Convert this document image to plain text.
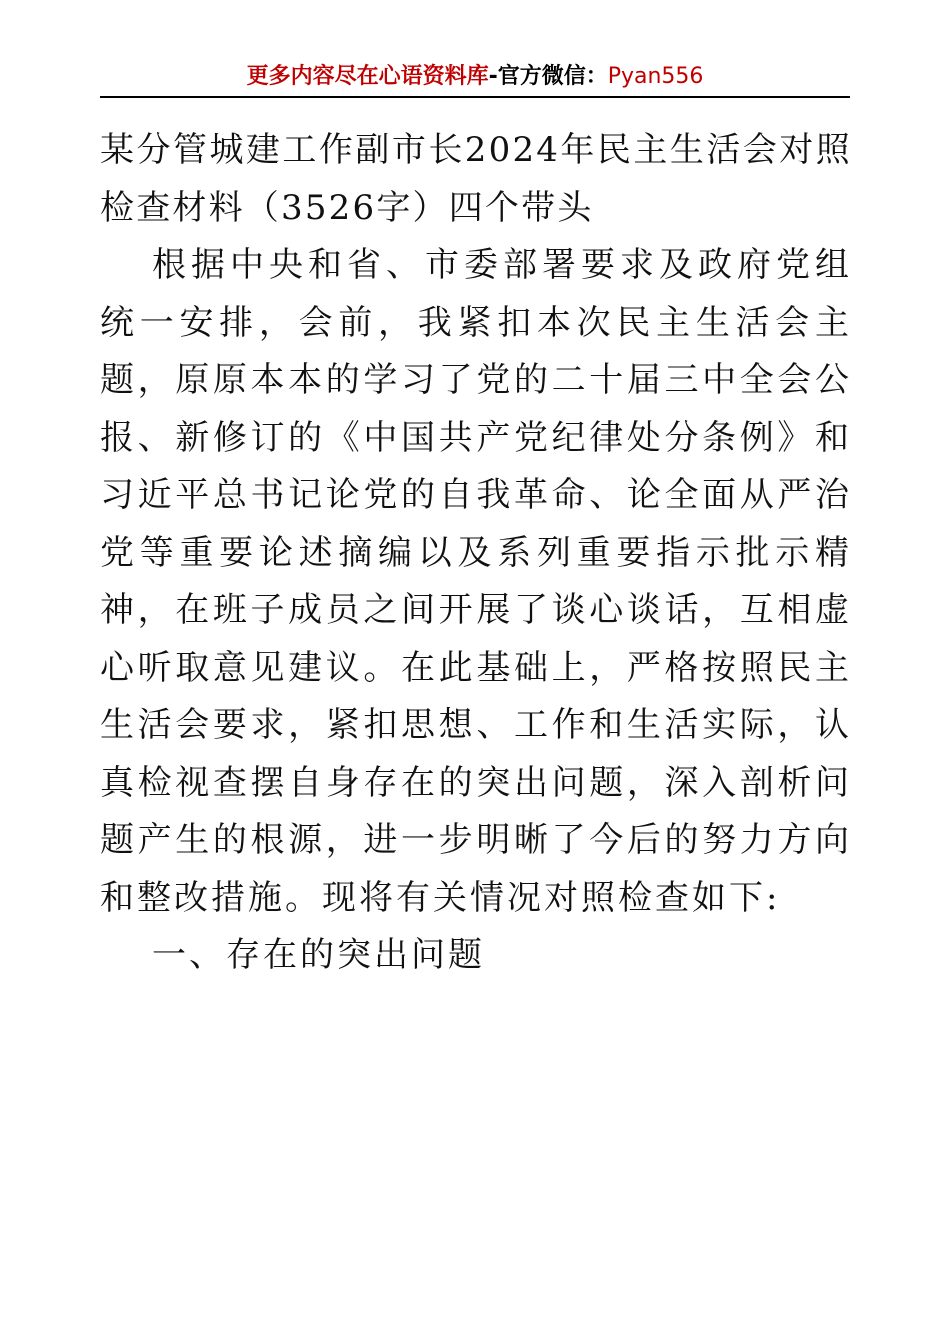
更多内容尽在心语资料库-官方微信：Pyan556

某分管城建工作副市长2024年民主生活会对照检查材料（3526字）四个带头

根据中央和省、市委部署要求及政府党组统一安排，会前，我紧扣本次民主生活会主题，原原本本的学习了党的二十届三中全会公报、新修订的《中国共产党纪律处分条例》和习近平总书记论党的自我革命、论全面从严治党等重要论述摘编以及系列重要指示批示精神，在班子成员之间开展了谈心谈话，互相虚心听取意见建议。在此基础上，严格按照民主生活会要求，紧扣思想、工作和生活实际，认真检视查摆自身存在的突出问题，深入剖析问题产生的根源，进一步明晰了今后的努力方向和整改措施。现将有关情况对照检查如下:

一、存在的突出问题
